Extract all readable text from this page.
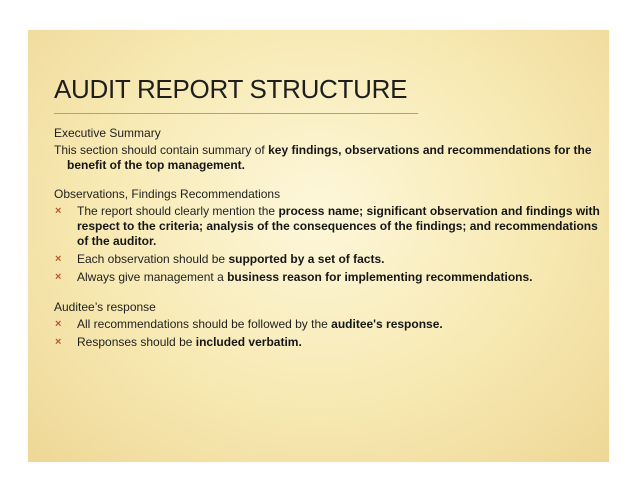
AUDIT REPORT STRUCTURE

Executive Summary

This section should contain summary of key findings, observations and recommendations for the benefit of the top management.

Observations, Findings Recommendations

× The report should clearly mention the process name; significant observation and findings with respect to the criteria; analysis of the consequences of the findings; and recommendations of the auditor.
× Each observation should be supported by a set of facts.
× Always give management a business reason for implementing recommendations.

Auditee’s response

× All recommendations should be followed by the auditee's response.
× Responses should be included verbatim.
